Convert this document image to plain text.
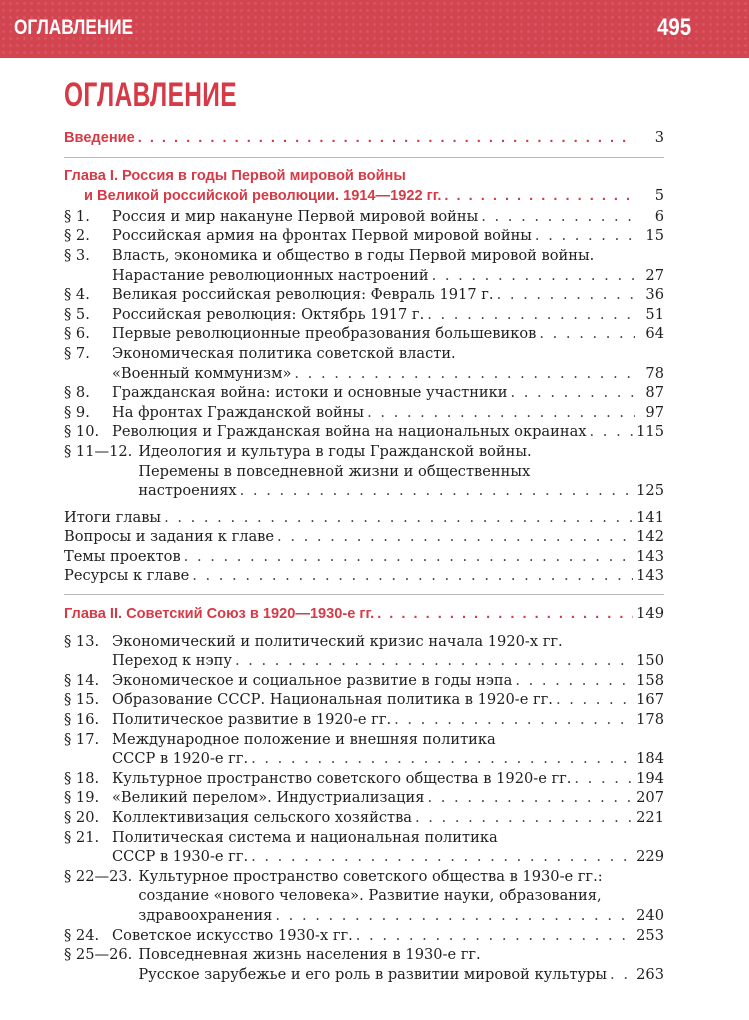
ОГЛАВЛЕНИЕ	495
ОГЛАВЛЕНИЕ
Введение . . .	3
Глава I. Россия в годы Первой мировой войны
и Великой российской революции. 1914—1922 гг. . . .	5
§ 1.	Россия и мир накануне Первой мировой войны . . .	6
§ 2.	Российская армия на фронтах Первой мировой войны . . .	15
§ 3.	Власть, экономика и общество в годы Первой мировой войны.
Нарастание революционных настроений . . .	27
§ 4.	Великая российская революция: Февраль 1917 г. . . .	36
§ 5.	Российская революция: Октябрь 1917 г. . . .	51
§ 6.	Первые революционные преобразования большевиков . . .	64
§ 7.	Экономическая политика советской власти.
«Военный коммунизм» . . .	78
§ 8.	Гражданская война: истоки и основные участники . . .	87
§ 9.	На фронтах Гражданской войны . . .	97
§ 10. Революция и Гражданская война на национальных окраинах . . .	115
§ 11—12. Идеология и культура в годы Гражданской войны.
Перемены в повседневной жизни и общественных
настроениях . . .	125
Итоги главы . . .	141
Вопросы и задания к главе . . .	142
Темы проектов . . .	143
Ресурсы к главе . . .	143
Глава II. Советский Союз в 1920—1930-е гг. . . .	149
§ 13. Экономический и политический кризис начала 1920-х гг.
Переход к нэпу . . .	150
§ 14. Экономическое и социальное развитие в годы нэпа . . .	158
§ 15. Образование СССР. Национальная политика в 1920-е гг. . . .	167
§ 16. Политическое развитие в 1920-е гг. . . .	178
§ 17. Международное положение и внешняя политика
СССР в 1920-е гг. . . .	184
§ 18. Культурное пространство советского общества в 1920-е гг. . . .	194
§ 19. «Великий перелом». Индустриализация . . .	207
§ 20. Коллективизация сельского хозяйства . . .	221
§ 21. Политическая система и национальная политика
СССР в 1930-е гг. . . .	229
§ 22—23. Культурное пространство советского общества в 1930-е гг.:
создание «нового человека». Развитие науки, образования,
здравоохранения . . .	240
§ 24. Советское искусство 1930-х гг. . . .	253
§ 25—26. Повседневная жизнь населения в 1930-е гг.
Русское зарубежье и его роль в развитии мировой культуры . . . 263
